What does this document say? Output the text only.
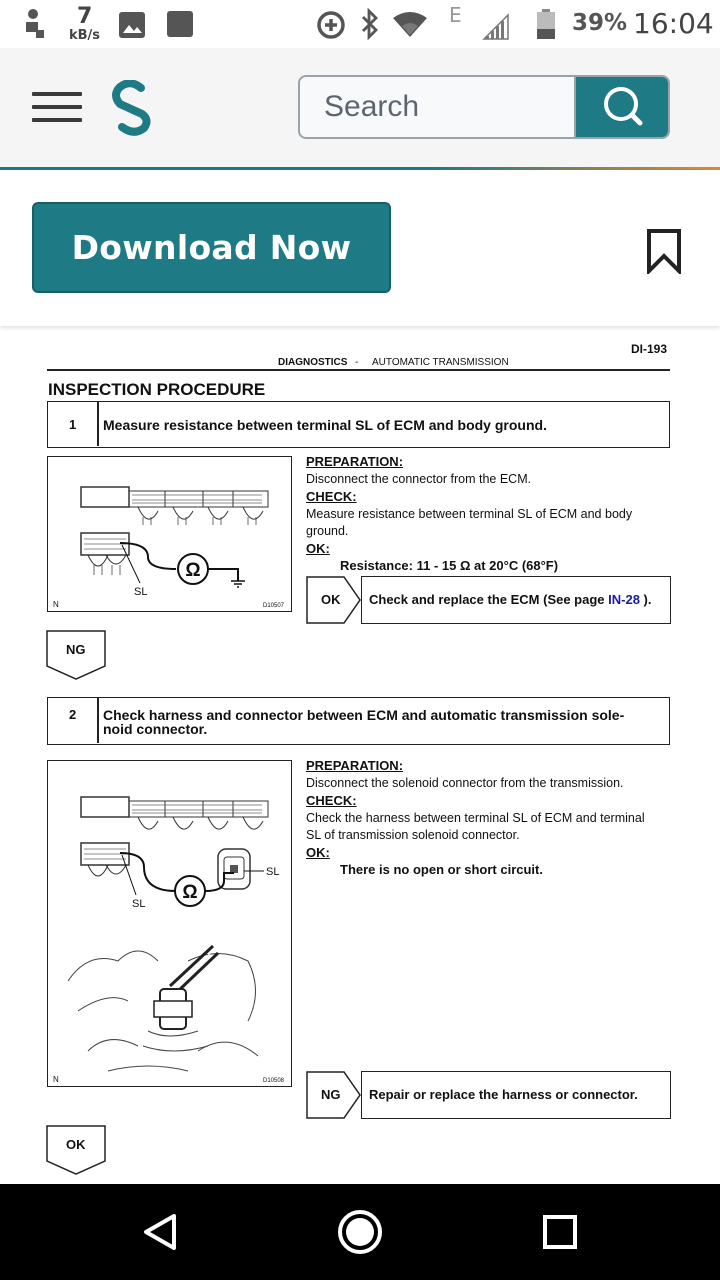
7
kB/s
E	39% 16:04
Search
Download Now
DI-193
DIAGNOSTICS - AUTOMATIC TRANSMISSION
INSPECTION PROCEDURE
1 Measure resistance between terminal SL of ECM and body ground.
Ω
SL
N	D10507
PREPARATION:
Disconnect the connector from the ECM.
CHECK:
Measure resistance between terminal SL of ECM and body
ground.
OK:
Resistance: 11 - 15 Ω at 20°C (68°F)
OK Check and replace the ECM (See page IN-28 ).
NG
2 Check harness and connector between ECM and automatic transmission sole-
noid connector.
Ω
SL
SL
N	D10508
PREPARATION:
Disconnect the solenoid connector from the transmission.
CHECK:
Check the harness between terminal SL of ECM and terminal
SL of transmission solenoid connector.
OK:
There is no open or short circuit.
NG Repair or replace the harness or connector.
OK
